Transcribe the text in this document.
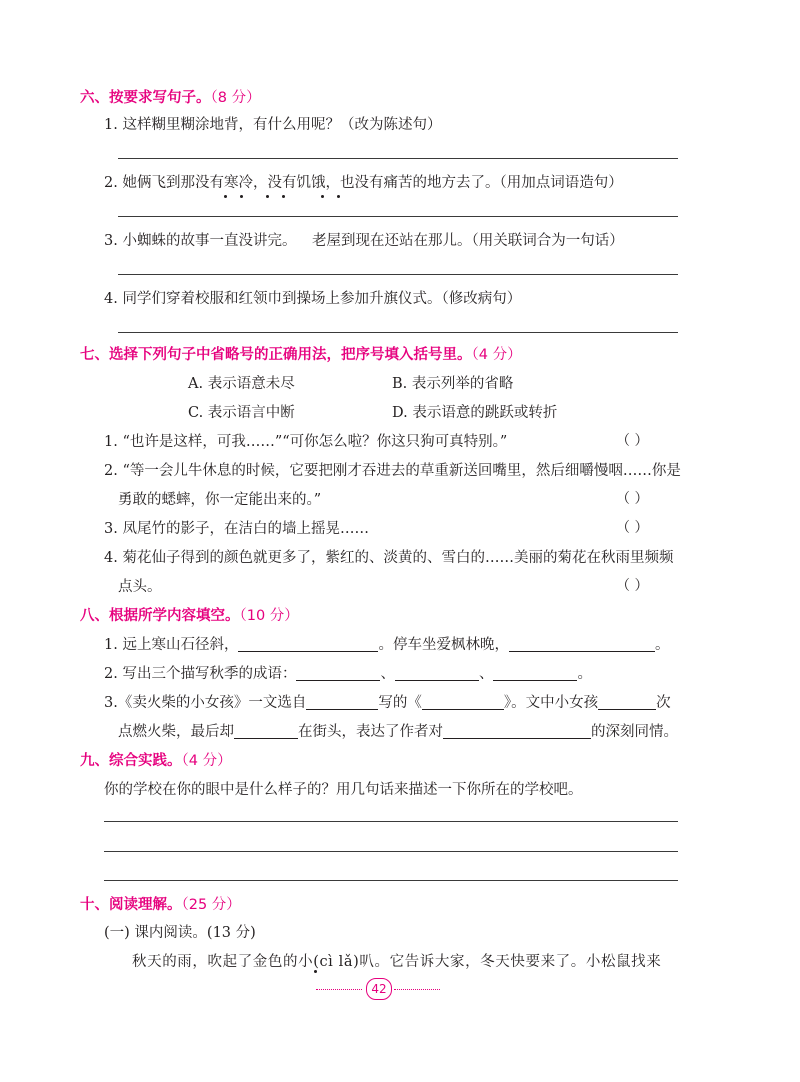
六、按要求写句子。（8 分）
1. 这样糊里糊涂地背，有什么用呢？（改为陈述句）
2. 她俩飞到那没有寒冷，没有饥饿，也没有痛苦的地方去了。（用加点词语造句）
3. 小蜘蛛的故事一直没讲完。 老屋到现在还站在那儿。（用关联词合为一句话）
4. 同学们穿着校服和红领巾到操场上参加升旗仪式。（修改病句）
七、选择下列句子中省略号的正确用法，把序号填入括号里。（4 分）
A. 表示语意未尽	B. 表示列举的省略
C. 表示语言中断	D. 表示语意的跳跃或转折
1. “也许是这样，可我……”“可你怎么啦？你这只狗可真特别。”	（ ）
2. “等一会儿牛休息的时候，它要把刚才吞进去的草重新送回嘴里，然后细嚼慢咽……你是
勇敢的蟋蟀，你一定能出来的。”	（ ）
3. 凤尾竹的影子，在洁白的墙上摇晃……	（ ）
4. 菊花仙子得到的颜色就更多了，紫红的、淡黄的、雪白的……美丽的菊花在秋雨里频频
点头。	（ ）
八、根据所学内容填空。（10 分）
1. 远上寒山石径斜，	。停车坐爱枫林晚，	。
2. 写出三个描写秋季的成语：	、	、	。
3.《卖火柴的小女孩》一文选自	写的《	》。文中小女孩	次
点燃火柴，最后却	在街头，表达了作者对	的深刻同情。
九、综合实践。（4 分）
你的学校在你的眼中是什么样子的？用几句话来描述一下你所在的学校吧。
十、阅读理解。（25 分）
(一) 课内阅读。(13 分)
秋天的雨，吹起了金色的小(cì lǎ)叭。它告诉大家，冬天快要来了。小松鼠找来
42
